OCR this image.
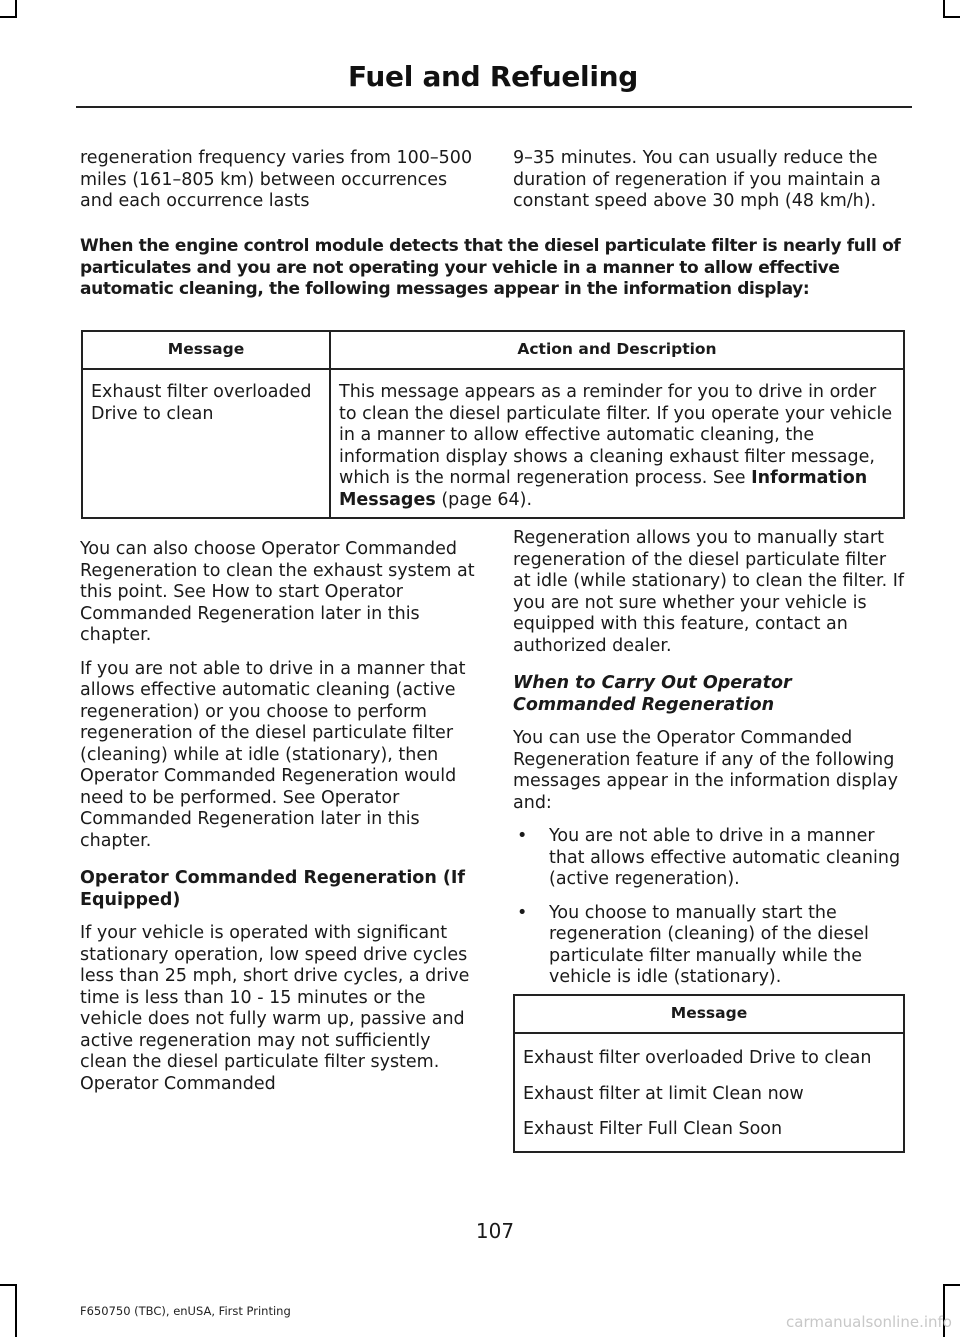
Fuel and Refueling
regeneration frequency varies from 100–500 miles (161–805 km) between occurrences and each occurrence lasts
9–35 minutes. You can usually reduce the duration of regeneration if you maintain a constant speed above 30 mph (48 km/h).
When the engine control module detects that the diesel particulate filter is nearly full of particulates and you are not operating your vehicle in a manner to allow effective automatic cleaning, the following messages appear in the information display:
Message	Action and Description

Exhaust filter overloaded
Drive to clean	This message appears as a reminder for you to drive in order to clean the diesel particulate filter. If you operate your vehicle in a manner to allow effective automatic cleaning, the information display shows a cleaning exhaust filter message, which is the normal regeneration process. See Information Messages (page 64).

You can also choose Operator Commanded Regeneration to clean the exhaust system at this point. See How to start Operator Commanded Regeneration later in this chapter.

If you are not able to drive in a manner that allows effective automatic cleaning (active regeneration) or you choose to perform regeneration of the diesel particulate filter (cleaning) while at idle (stationary), then Operator Commanded Regeneration would need to be performed. See Operator Commanded Regeneration later in this chapter.

Operator Commanded Regeneration (If Equipped)

If your vehicle is operated with significant stationary operation, low speed drive cycles less than 25 mph, short drive cycles, a drive time is less than 10 - 15 minutes or the vehicle does not fully warm up, passive and active regeneration may not sufficiently clean the diesel particulate filter system. Operator Commanded

Regeneration allows you to manually start regeneration of the diesel particulate filter at idle (while stationary) to clean the filter. If you are not sure whether your vehicle is equipped with this feature, contact an authorized dealer.

When to Carry Out Operator Commanded Regeneration

You can use the Operator Commanded Regeneration feature if any of the following messages appear in the information display and:

• You are not able to drive in a manner that allows effective automatic cleaning (active regeneration).
• You choose to manually start the regeneration (cleaning) of the diesel particulate filter manually while the vehicle is idle (stationary).
Message
Exhaust filter overloaded Drive to clean
Exhaust filter at limit Clean now
Exhaust Filter Full Clean Soon
107
F650750 (TBC), enUSA, First Printing
carmanualsonline.info
